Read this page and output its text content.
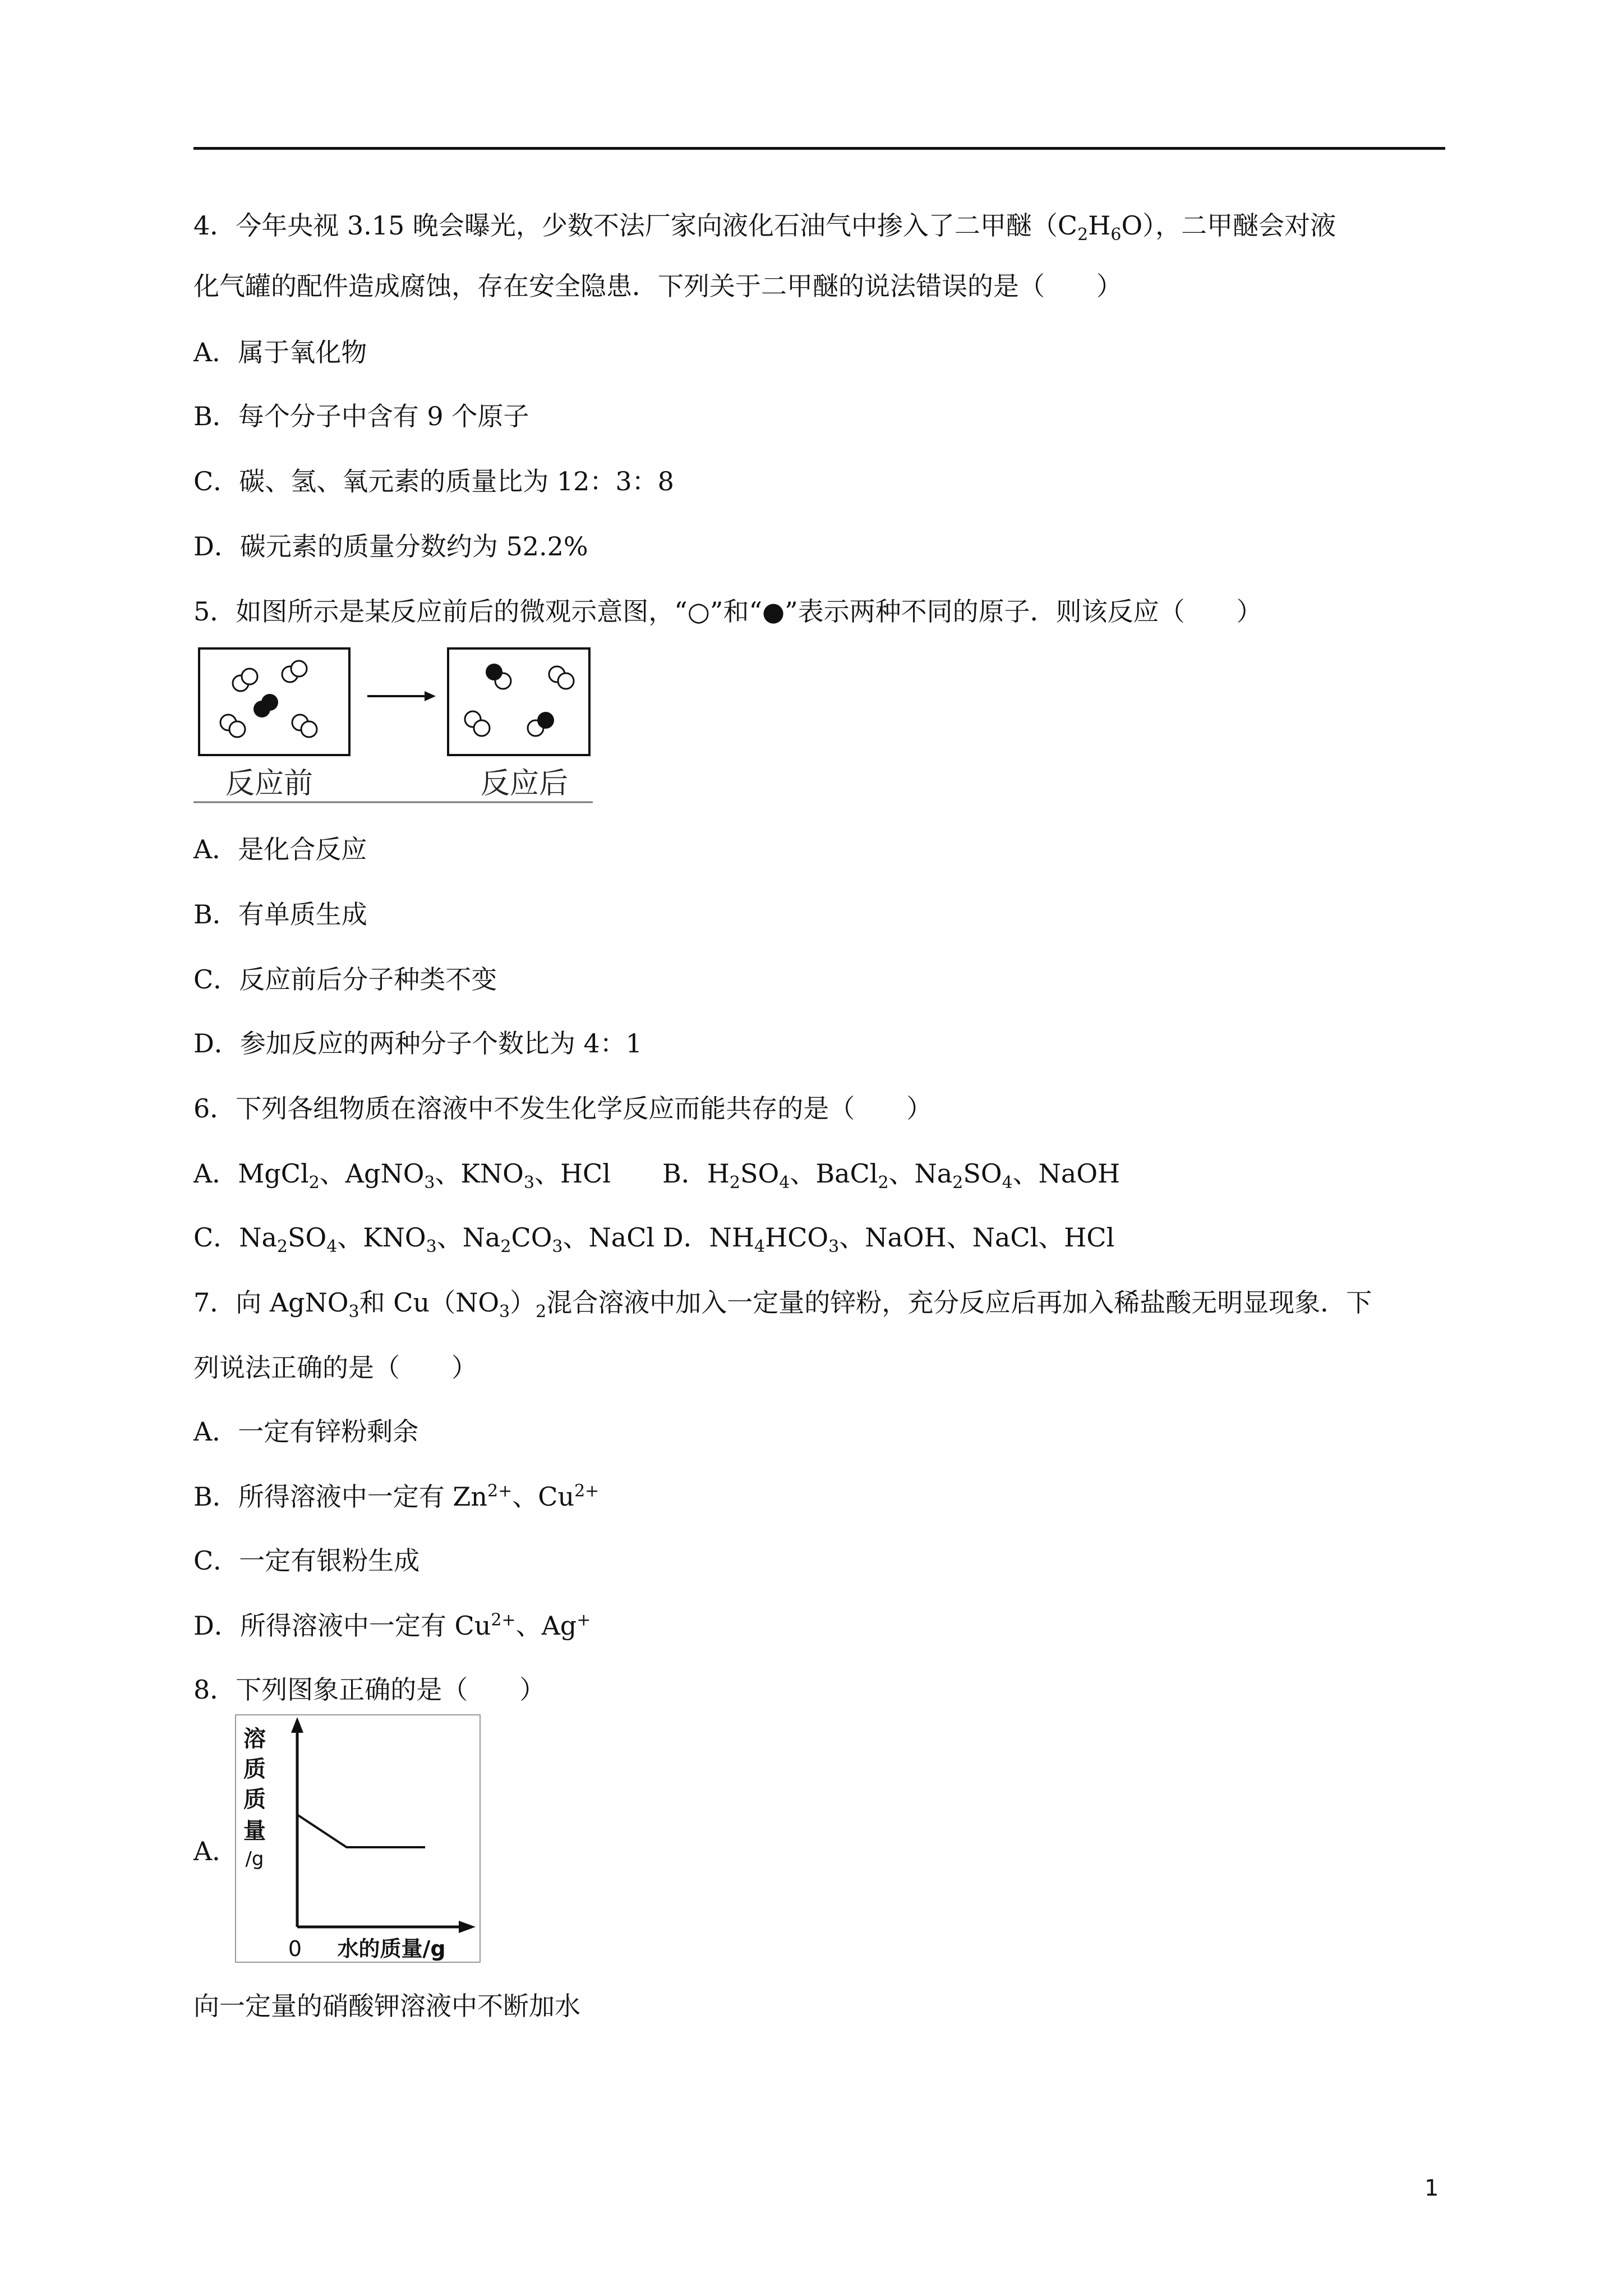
4．今年央视 3.15 晚会曝光，少数不法厂家向液化石油气中掺入了二甲醚$(C_2H_6O)$，二甲醚会对液
化气罐的配件造成腐蚀，存在安全隐患．下列关于二甲醚的说法错误的是（　　）
A．属于氧化物
B．每个分子中含有 9 个原子
C．碳、氢、氧元素的质量比为 12：3：8
D．碳元素的质量分数约为 52.2%
5．如图所示是某反应前后的微观示意图，“○”和“●”表示两种不同的原子．则该反应（　　）
反应前	反应后
A．是化合反应
B．有单质生成
C．反应前后分子种类不变
D．参加反应的两种分子个数比为 4：1
6．下列各组物质在溶液中不发生化学反应而能共存的是（　　）
A．MgCl$_2$、AgNO$_3$、$KNO_3$、HCl　　 B．$H_2SO_4$、BaCl$_2$、$Na_2SO_4$、NaOH
C．$Na_2SO_4$、$KNO_3$、$Na_2CO_3$、NaCl D．$NH_4HCO_3$、NaOH、NaCl、HCl
7．向 AgNO$_3$和 $Cu(NO_3)_2$混合溶液中加入一定量的锌粉，充分反应后再加入稀盐酸无明显现象．下
列说法正确的是（　　）
A．一定有锌粉剩余
B．所得溶液中一定有 $Zn^{2+}$、$Cu^{2+}$
C．一定有银粉生成
D．所得溶液中一定有 $Cu^{2+}$、Ag+
8．下列图象正确的是（　　）
A．
溶
质
质
量
/g
0 水的质量/g
向一定量的硝酸钾溶液中不断加水
1
